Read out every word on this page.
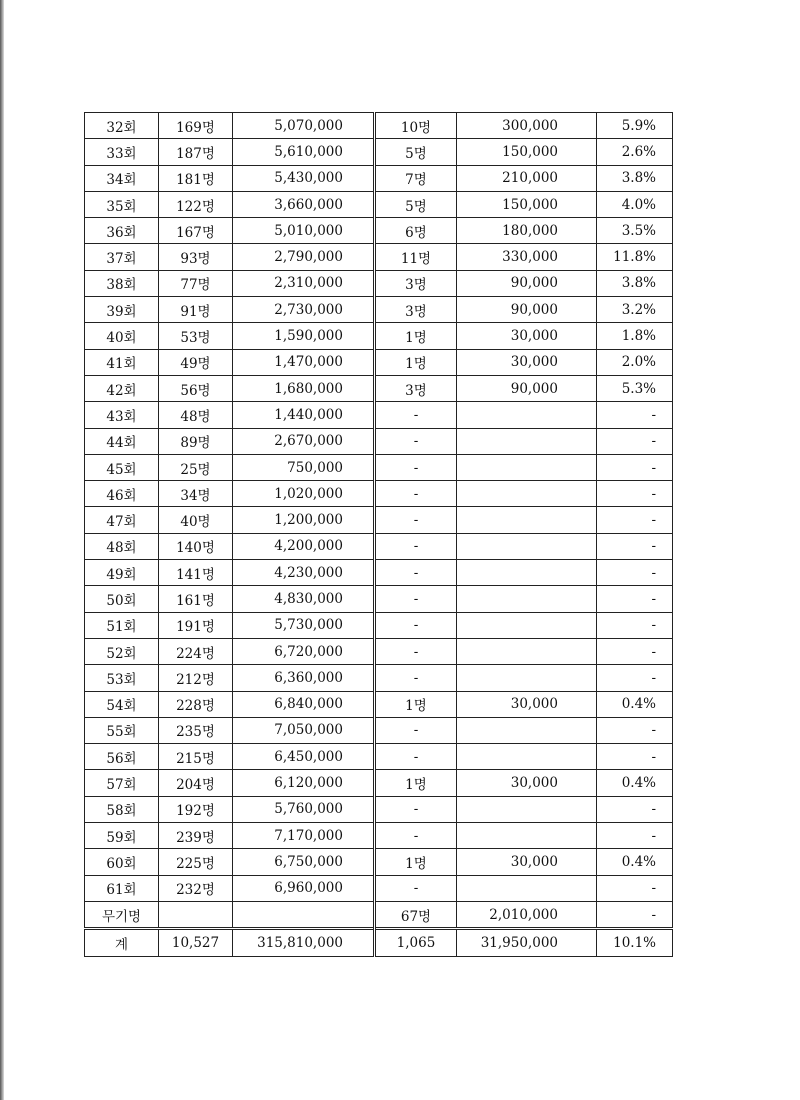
32회	169명	5,070,000	10명	300,000	5.9%
33회	187명	5,610,000	5명	150,000	2.6%
34회	181명	5,430,000	7명	210,000	3.8%
35회	122명	3,660,000	5명	150,000	4.0%
36회	167명	5,010,000	6명	180,000	3.5%
37회	93명	2,790,000	11명	330,000	11.8%
38회	77명	2,310,000	3명	90,000	3.8%
39회	91명	2,730,000	3명	90,000	3.2%
40회	53명	1,590,000	1명	30,000	1.8%
41회	49명	1,470,000	1명	30,000	2.0%
42회	56명	1,680,000	3명	90,000	5.3%
43회	48명	1,440,000	-		-
44회	89명	2,670,000	-		-
45회	25명	750,000	-		-
46회	34명	1,020,000	-		-
47회	40명	1,200,000	-		-
48회	140명	4,200,000	-		-
49회	141명	4,230,000	-		-
50회	161명	4,830,000	-		-
51회	191명	5,730,000	-		-
52회	224명	6,720,000	-		-
53회	212명	6,360,000	-		-
54회	228명	6,840,000	1명	30,000	0.4%
55회	235명	7,050,000	-		-
56회	215명	6,450,000	-		-
57회	204명	6,120,000	1명	30,000	0.4%
58회	192명	5,760,000	-		-
59회	239명	7,170,000	-		-
60회	225명	6,750,000	1명	30,000	0.4%
61회	232명	6,960,000	-		-
무기명			67명	2,010,000	-
계	10,527	315,810,000	1,065	31,950,000	10.1%
